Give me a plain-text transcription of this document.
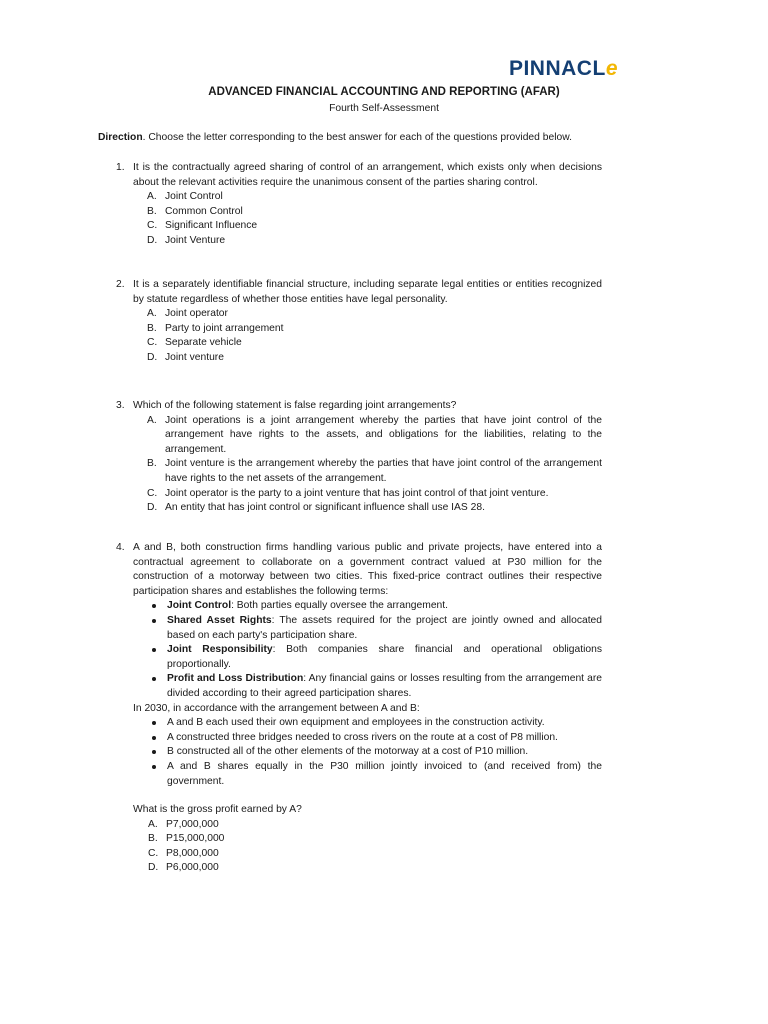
PINNACLe
ADVANCED FINANCIAL ACCOUNTING AND REPORTING (AFAR)
Fourth Self-Assessment
Direction. Choose the letter corresponding to the best answer for each of the questions provided below.
1. It is the contractually agreed sharing of control of an arrangement, which exists only when decisions about the relevant activities require the unanimous consent of the parties sharing control.
A. Joint Control
B. Common Control
C. Significant Influence
D. Joint Venture
2. It is a separately identifiable financial structure, including separate legal entities or entities recognized by statute regardless of whether those entities have legal personality.
A. Joint operator
B. Party to joint arrangement
C. Separate vehicle
D. Joint venture
3. Which of the following statement is false regarding joint arrangements?
A. Joint operations is a joint arrangement whereby the parties that have joint control of the arrangement have rights to the assets, and obligations for the liabilities, relating to the arrangement.
B. Joint venture is the arrangement whereby the parties that have joint control of the arrangement have rights to the net assets of the arrangement.
C. Joint operator is the party to a joint venture that has joint control of that joint venture.
D. An entity that has joint control or significant influence shall use IAS 28.
4. A and B, both construction firms handling various public and private projects, have entered into a contractual agreement to collaborate on a government contract valued at P30 million for the construction of a motorway between two cities. This fixed-price contract outlines their respective participation shares and establishes the following terms:
Joint Control: Both parties equally oversee the arrangement.
Shared Asset Rights: The assets required for the project are jointly owned and allocated based on each party's participation share.
Joint Responsibility: Both companies share financial and operational obligations proportionally.
Profit and Loss Distribution: Any financial gains or losses resulting from the arrangement are divided according to their agreed participation shares.
In 2030, in accordance with the arrangement between A and B:
A and B each used their own equipment and employees in the construction activity.
A constructed three bridges needed to cross rivers on the route at a cost of P8 million.
B constructed all of the other elements of the motorway at a cost of P10 million.
A and B shares equally in the P30 million jointly invoiced to (and received from) the government.
What is the gross profit earned by A?
A. P7,000,000
B. P15,000,000
C. P8,000,000
D. P6,000,000
